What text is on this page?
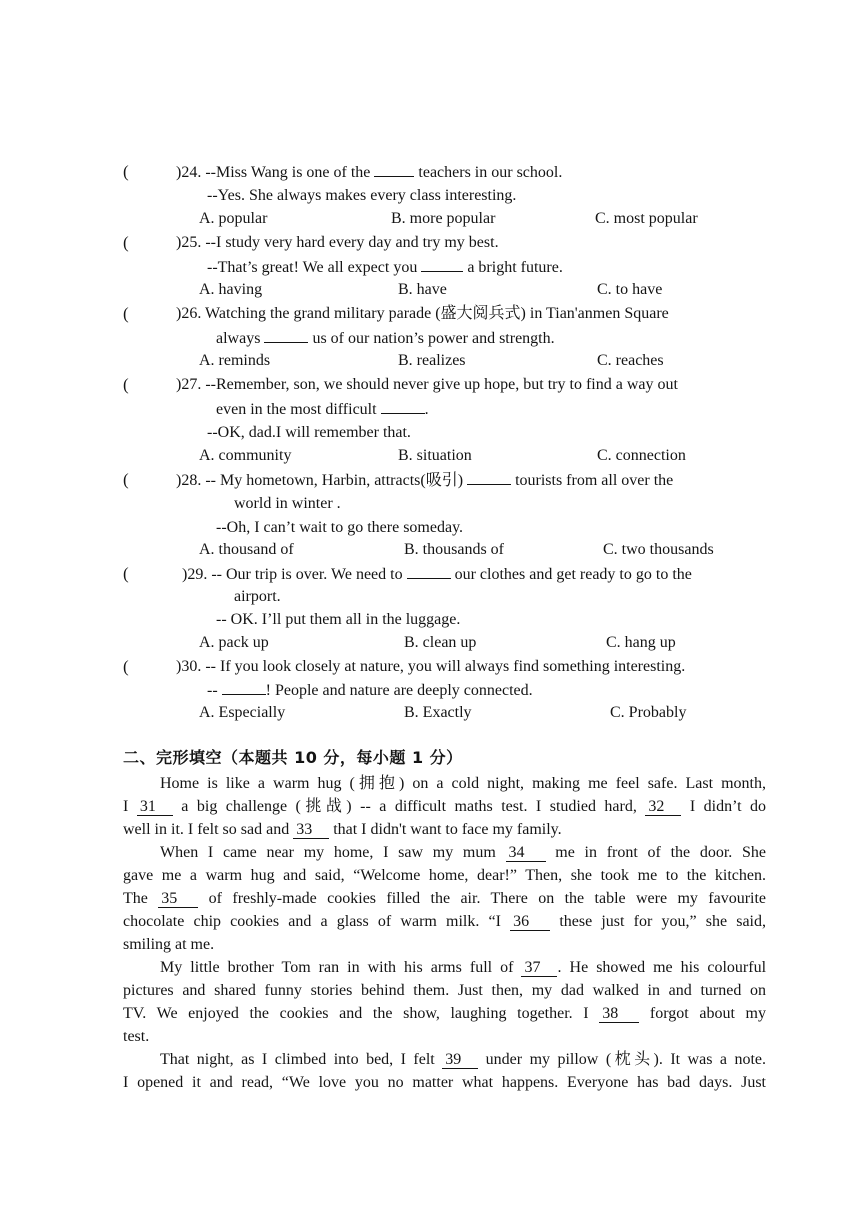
(	)24. --Miss Wang is one of the	teachers in our school.
--Yes. She always makes every class interesting.
A. popular	B. more popular	C. most popular
(	)25. --I study very hard every day and try my best.
--That’s great! We all expect you	a bright future.
A. having	B. have	C. to have
(	)26. Watching the grand military parade (盛大阅兵式) in Tian'anmen Square
always	us of our nation’s power and strength.
A. reminds	B. realizes	C. reaches
(	)27. --Remember, son, we should never give up hope, but try to find a way out
even in the most difficult	.
--OK, dad.I will remember that.
A. community	B. situation	C. connection
(	)28. -- My hometown, Harbin, attracts(吸引)	tourists from all over the
world in winter .
--Oh, I can’t wait to go there someday.
A. thousand of	B. thousands of	C. two thousands
(	)29. -- Our trip is over. We need to	our clothes and get ready to go to the
airport.
-- OK. I’ll put them all in the luggage.
A. pack up	B. clean up	C. hang up
(	)30. -- If you look closely at nature, you will always find something interesting.
--	! People and nature are deeply connected.
A. Especially	B. Exactly	C. Probably
二、完形填空（本题共 10 分，每小题 1 分）
Home is like a warm hug (拥抱) on a cold night, making me feel safe. Last month,
I 31 a big challenge (挑战) -- a difficult maths test. I studied hard, 32 I didn’t do
well in it. I felt so sad and 33 that I didn't want to face my family.
When I came near my home, I saw my mum 34 me in front of the door. She
gave me a warm hug and said, “Welcome home, dear!” Then, she took me to the kitchen.
The 35 of freshly-made cookies filled the air. There on the table were my favourite
chocolate chip cookies and a glass of warm milk. “I 36 these just for you,” she said,
smiling at me.
My little brother Tom ran in with his arms full of 37 . He showed me his colourful
pictures and shared funny stories behind them. Just then, my dad walked in and turned on
TV. We enjoyed the cookies and the show, laughing together. I 38 forgot about my
test.
That night, as I climbed into bed, I felt 39 under my pillow (枕头). It was a note.
I opened it and read, “We love you no matter what happens. Everyone has bad days. Just
